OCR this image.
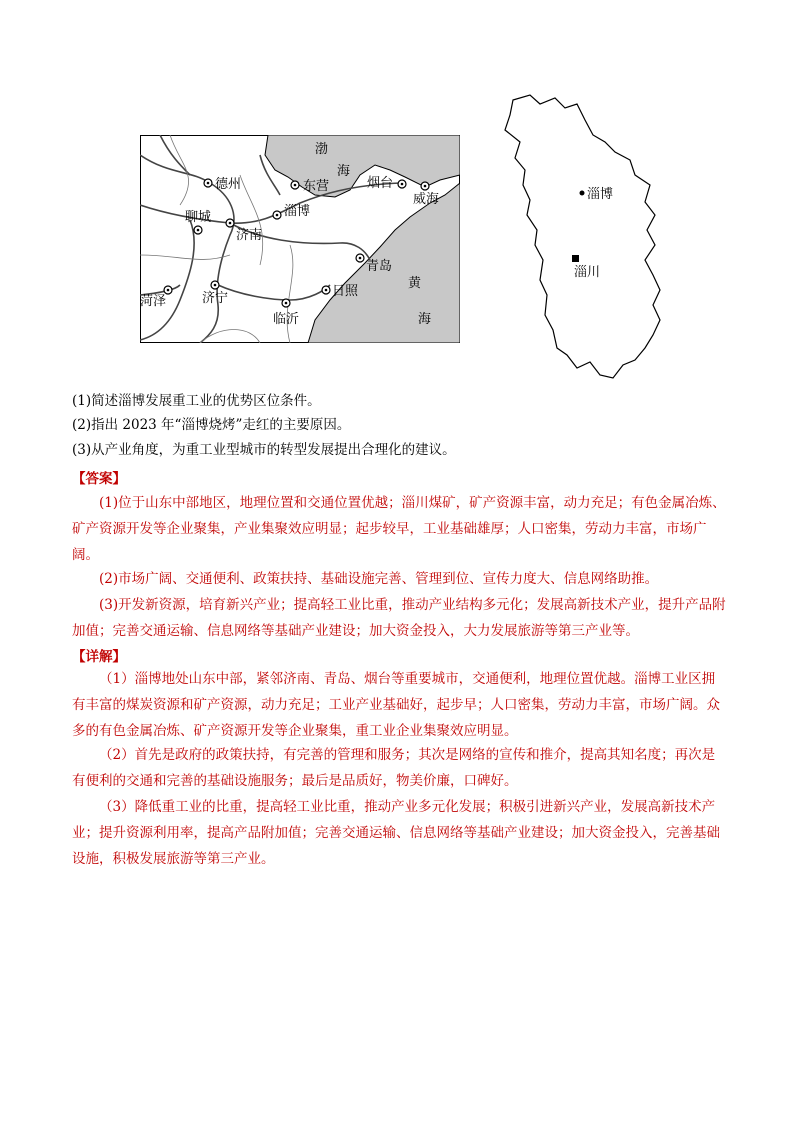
渤
海
黄
海
德州	东营	烟台
威海
聊城	淄博
济南
青岛
菏泽	济宁	日照
临沂
淄博
淄川
(1)简述淄博发展重工业的优势区位条件。
(2)指出 2023 年“淄博烧烤”走红的主要原因。
(3)从产业角度，为重工业型城市的转型发展提出合理化的建议。
【答案】
(1)位于山东中部地区，地理位置和交通位置优越；淄川煤矿，矿产资源丰富，动力充足；有色金属冶炼、矿产资源开发等企业聚集，产业集聚效应明显；起步较早，工业基础雄厚；人口密集，劳动力丰富，市场广阔。
(2)市场广阔、交通便利、政策扶持、基础设施完善、管理到位、宣传力度大、信息网络助推。
(3)开发新资源，培育新兴产业；提高轻工业比重，推动产业结构多元化；发展高新技术产业，提升产品附加值；完善交通运输、信息网络等基础产业建设；加大资金投入，大力发展旅游等第三产业等。
【详解】
（1）淄博地处山东中部，紧邻济南、青岛、烟台等重要城市，交通便利，地理位置优越。淄博工业区拥有丰富的煤炭资源和矿产资源，动力充足；工业产业基础好，起步早；人口密集，劳动力丰富，市场广阔。众多的有色金属冶炼、矿产资源开发等企业聚集，重工业企业集聚效应明显。
（2）首先是政府的政策扶持，有完善的管理和服务；其次是网络的宣传和推介，提高其知名度；再次是有便利的交通和完善的基础设施服务；最后是品质好，物美价廉，口碑好。
（3）降低重工业的比重，提高轻工业比重，推动产业多元化发展；积极引进新兴产业，发展高新技术产业；提升资源利用率，提高产品附加值；完善交通运输、信息网络等基础产业建设；加大资金投入，完善基础设施，积极发展旅游等第三产业。
